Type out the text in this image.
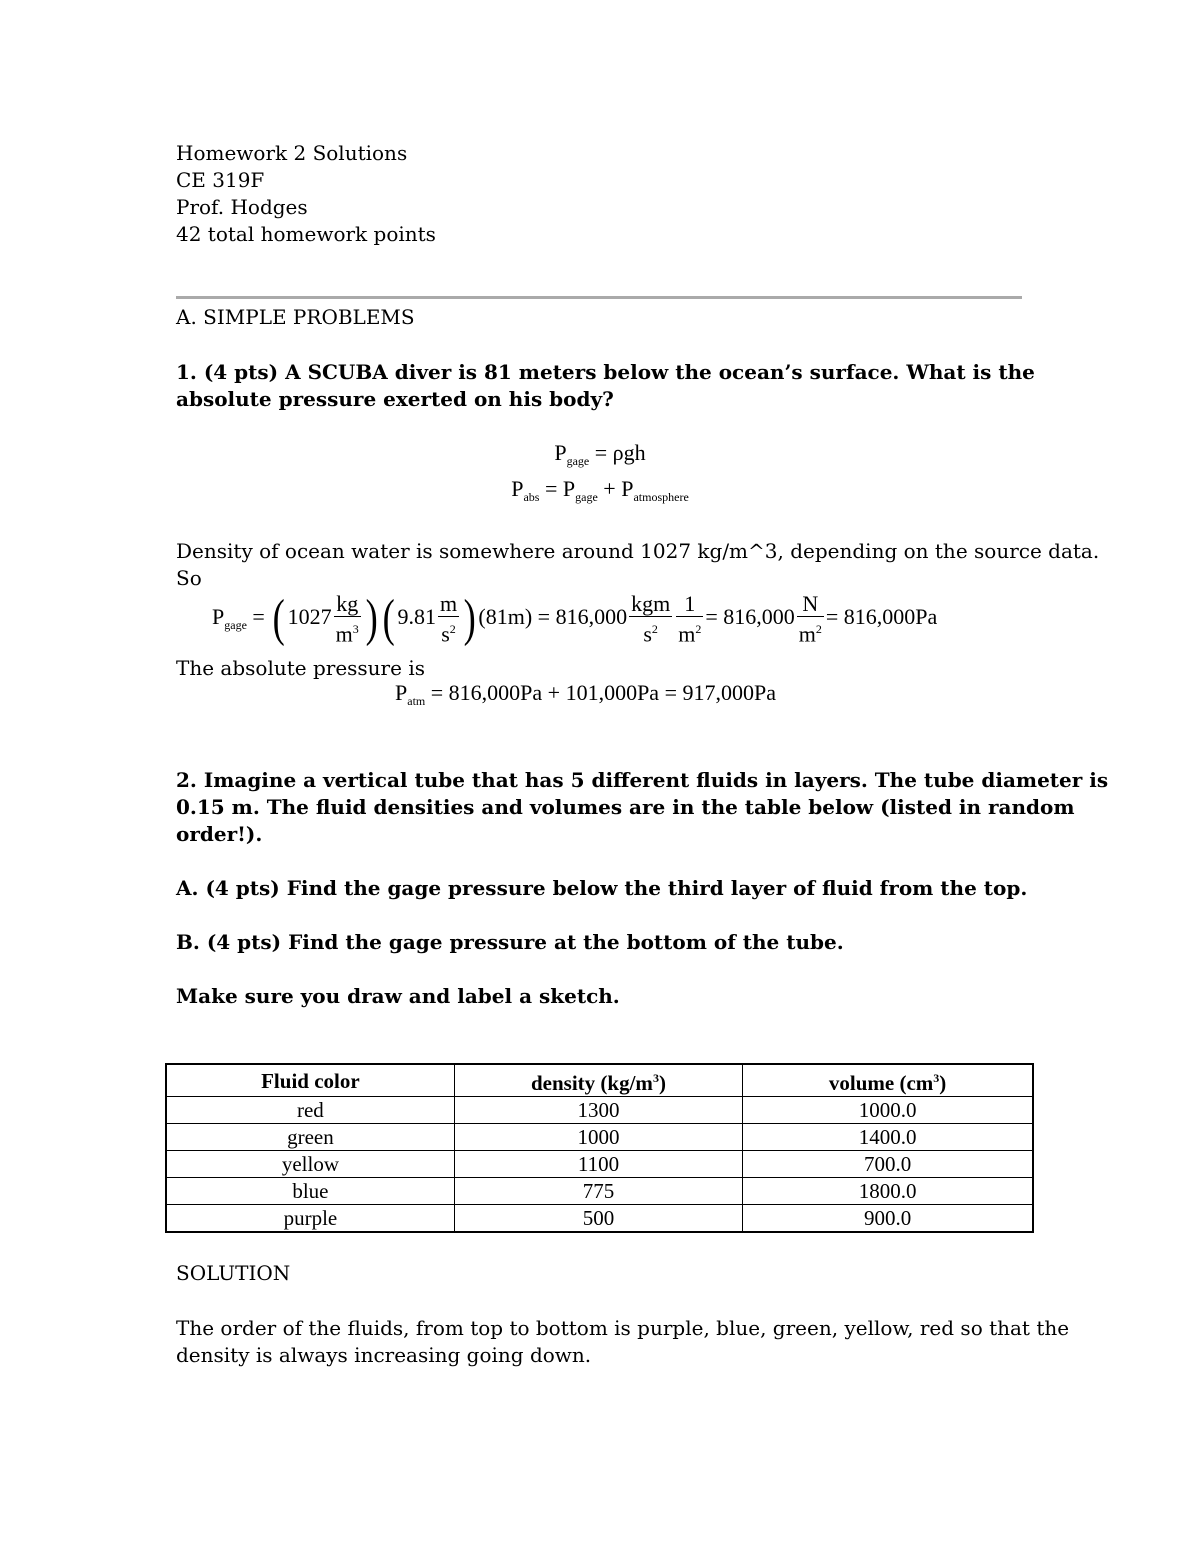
Homework 2 Solutions
CE 319F
Prof. Hodges
42 total homework points
A. SIMPLE PROBLEMS
1. (4 pts) A SCUBA diver is 81 meters below the ocean’s surface. What is the
absolute pressure exerted on his body?
$P_{gage} = \rho gh$
$P_{abs} = P_{gage} + P_{atmosphere}$
Density of ocean water is somewhere around 1027 kg/m^3, depending on the source data.
So
$P_{gage}$ = ( $1027 \frac{kg}{m^3}$ )( $9.81 \frac{m}{s^2}$ ) $(81m) = 816,000 \frac{\text{kgm}}{s^2} \frac{1}{m^2} = 816,000 \frac{N}{m^2} = 816,000Pa$
The absolute pressure is
$P_{atm} = 816,000Pa + 101,000Pa = 917,000Pa$
2. Imagine a vertical tube that has 5 different fluids in layers. The tube diameter is
0.15 m. The fluid densities and volumes are in the table below (listed in random
order!).
A. (4 pts) Find the gage pressure below the third layer of fluid from the top.
B. (4 pts) Find the gage pressure at the bottom of the tube.
Make sure you draw and label a sketch.
Fluid color	density $(kg/m^3)$	volume $(cm^3)$
red	1300	1000.0
green	1000	1400.0
yellow	1100	700.0
blue	775	1800.0
purple	500	900.0
SOLUTION
The order of the fluids, from top to bottom is purple, blue, green, yellow, red so that the
density is always increasing going down.
